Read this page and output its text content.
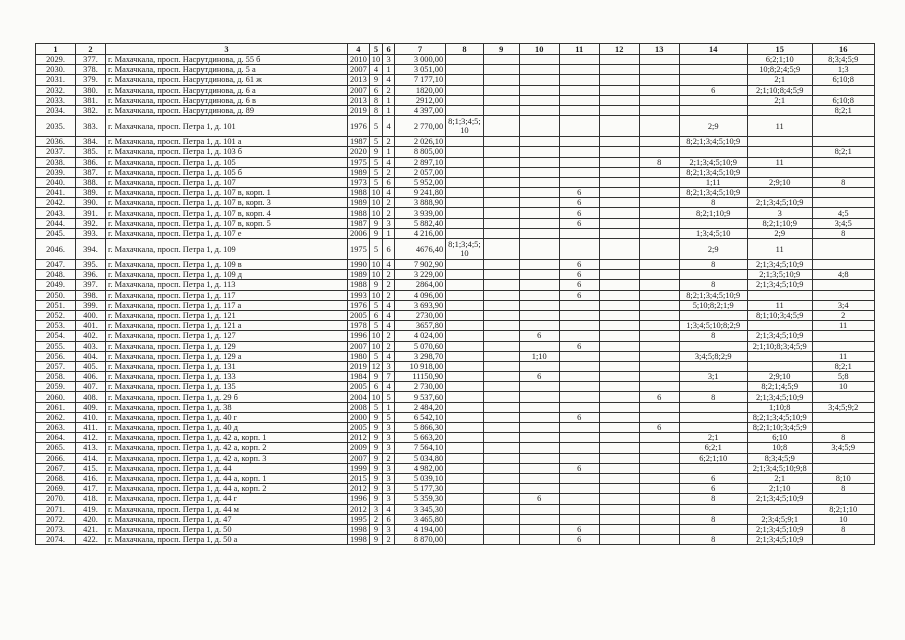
1	2	3	4	5	6	7	8	9	10	11	12	13	14	15	16
2029.	377.	г. Махачкала, просп. Насрутдинова, д. 55 б	2010	10	3	3 000,00								6;2;1;10	8;3;4;5;9
2030.	378.	г. Махачкала, просп. Насрутдинова, д. 5 а	2007	4	1	3 051,00								10;8;2;4;5;9	1;3
2031.	379.	г. Махачкала, просп. Насрутдинова, д. 61 ж	2013	9	4	7 177,10								2;1	6;10;8
2032.	380.	г. Махачкала, просп. Насрутдинова, д. 6 а	2007	6	2	1820,00							6	2;1;10;8;4;5;9	
2033.	381.	г. Махачкала, просп. Насрутдинова, д. 6 в	2013	8	1	2912,00								2;1	6;10;8
2034.	382.	г. Махачкала, просп. Насрутдинова, д. 89	2019	8	1	4 397,00									8;2;1
2035.	383.	г. Махачкала, просп. Петра 1, д. 101	1976	5	4	2 770,00	8;1;3;4;5; 10						2;9	11	
2036.	384.	г. Махачкала, просп. Петра 1, д. 101 а	1987	5	2	2 026,10							8;2;1;3;4;5;10;9		
2037.	385.	г. Махачкала, просп. Петра 1, д. 103 б	2020	9	1	8 805,00									8;2;1
2038.	386.	г. Махачкала, просп. Петра 1, д. 105	1975	5	4	2 897,10						8	2;1;3;4;5;10;9	11	
2039.	387.	г. Махачкала, просп. Петра 1, д. 105 б	1989	5	2	2 057,00							8;2;1;3;4;5;10;9		
2040.	388.	г. Махачкала, просп. Петра 1, д. 107	1973	5	6	5 952,00							1;11	2;9;10	8
2041.	389.	г. Махачкала, просп. Петра 1, д. 107 в, корп. 1	1988	10	4	9 241,80				6			8;2;1;3;4;5;10;9		
2042.	390.	г. Махачкала, просп. Петра 1, д. 107 в, корп. 3	1989	10	2	3 888,90				6			8	2;1;3;4;5;10;9	
2043.	391.	г. Махачкала, просп. Петра 1, д. 107 в, корп. 4	1988	10	2	3 939,00				6			8;2;1;10;9	3	4;5
2044.	392.	г. Махачкала, просп. Петра 1, д. 107 в, корп. 5	1987	9	3	5 882,40				6				8;2;1;10;9	3;4;5
2045.	393.	г. Махачкала, просп. Петра 1, д. 107 е	2006	9	1	4 216,00							1;3;4;5;10	2;9	8
2046.	394.	г. Махачкала, просп. Петра 1, д. 109	1975	5	6	4676,40	8;1;3;4;5; 10						2;9	11	
2047.	395.	г. Махачкала, просп. Петра 1, д. 109 в	1990	10	4	7 902,90				6			8	2;1;3;4;5;10;9	
2048.	396.	г. Махачкала, просп. Петра 1, д. 109 д	1989	10	2	3 229,00				6				2;1;3;5;10;9	4;8
2049.	397.	г. Махачкала, просп. Петра 1, д. 113	1988	9	2	2864,00				6			8	2;1;3;4;5;10;9	
2050.	398.	г. Махачкала, просп. Петра 1, д. 117	1993	10	2	4 096,00				6			8;2;1;3;4;5;10;9		
2051.	399.	г. Махачкала, просп. Петра 1, д. 117 а	1976	5	4	3 693,90							5;10;8;2;1;9	11	3;4
2052.	400.	г. Махачкала, просп. Петра 1, д. 121	2005	6	4	2730,00								8;1;10;3;4;5;9	2
2053.	401.	г. Махачкала, просп. Петра 1, д. 121 а	1978	5	4	3657,80							1;3;4;5;10;8;2;9		11
2054.	402.	г. Махачкала, просп. Петра 1, д. 127	1996	10	2	4 024,00			6				8	2;1;3;4;5;10;9	
2055.	403.	г. Махачкала, просп. Петра 1, д. 129	2007	10	2	5 070,60				6				2;1;10;8;3;4;5;9	
2056.	404.	г. Махачкала, просп. Петра 1, д. 129 а	1980	5	4	3 298,70			1;10				3;4;5;8;2;9		11
2057.	405.	г. Махачкала, просп. Петра 1, д. 131	2019	12	3	10 918,00									8;2;1
2058.	406.	г. Махачкала, просп. Петра 1, д. 133	1984	9	7	11150,90			6				3;1	2;9;10	5;8
2059.	407.	г. Махачкала, просп. Петра 1, д. 135	2005	6	4	2 730,00								8;2;1;4;5;9	10
2060.	408.	г. Махачкала, просп. Петра 1, д. 29 б	2004	10	5	9 537,60						6	8	2;1;3;4;5;10;9	
2061.	409.	г. Махачкала, просп. Петра 1, д. 38	2008	5	1	2 484,20								1;10;8	3;4;5;9;2
2062.	410.	г. Махачкала, просп. Петра 1, д. 40 г	2000	9	5	6 542,10				6				8;2;1;3;4;5;10;9	
2063.	411.	г. Махачкала, просп. Петра 1, д. 40 д	2005	9	3	5 866,30						6		8;2;1;10;3;4;5;9	
2064.	412.	г. Махачкала, просп. Петра 1, д. 42 а, корп. 1	2012	9	3	5 663,20							2;1	6;10	8
2065.	413.	г. Махачкала, просп. Петра 1, д. 42 а, корп. 2	2009	9	3	7 564,10							6;2;1	10;8	3;4;5;9
2066.	414.	г. Махачкала, просп. Петра 1, д. 42 а, корп. 3	2007	9	2	5 034,80							6;2;1;10	8;3;4;5;9	
2067.	415.	г. Махачкала, просп. Петра 1, д. 44	1999	9	3	4 982,00				6				2;1;3;4;5;10;9;8	
2068.	416.	г. Махачкала, просп. Петра 1, д. 44 а, корп. 1	2015	9	3	5 039,10							6	2;1	8;10
2069.	417.	г. Махачкала, просп. Петра 1, д. 44 а, корп. 2	2012	9	3	5 177,30							6	2;1;10	8
2070.	418.	г. Махачкала, просп. Петра 1, д. 44 г	1996	9	3	5 359,30			6				8	2;1;3;4;5;10;9	
2071.	419.	г. Махачкала, просп. Петра 1, д. 44 м	2012	3	4	3 345,30									8;2;1;10
2072.	420.	г. Махачкала, просп. Петра 1, д. 47	1995	2	6	3 465,80							8	2;3;4;5;9;1	10
2073.	421.	г. Махачкала, просп. Петра 1, д. 50	1998	9	3	4 194,00				6				2;1;3;4;5;10;9	8
2074.	422.	г. Махачкала, просп. Петра 1, д. 50 а	1998	9	2	8 870,00				6			8	2;1;3;4;5;10;9	
